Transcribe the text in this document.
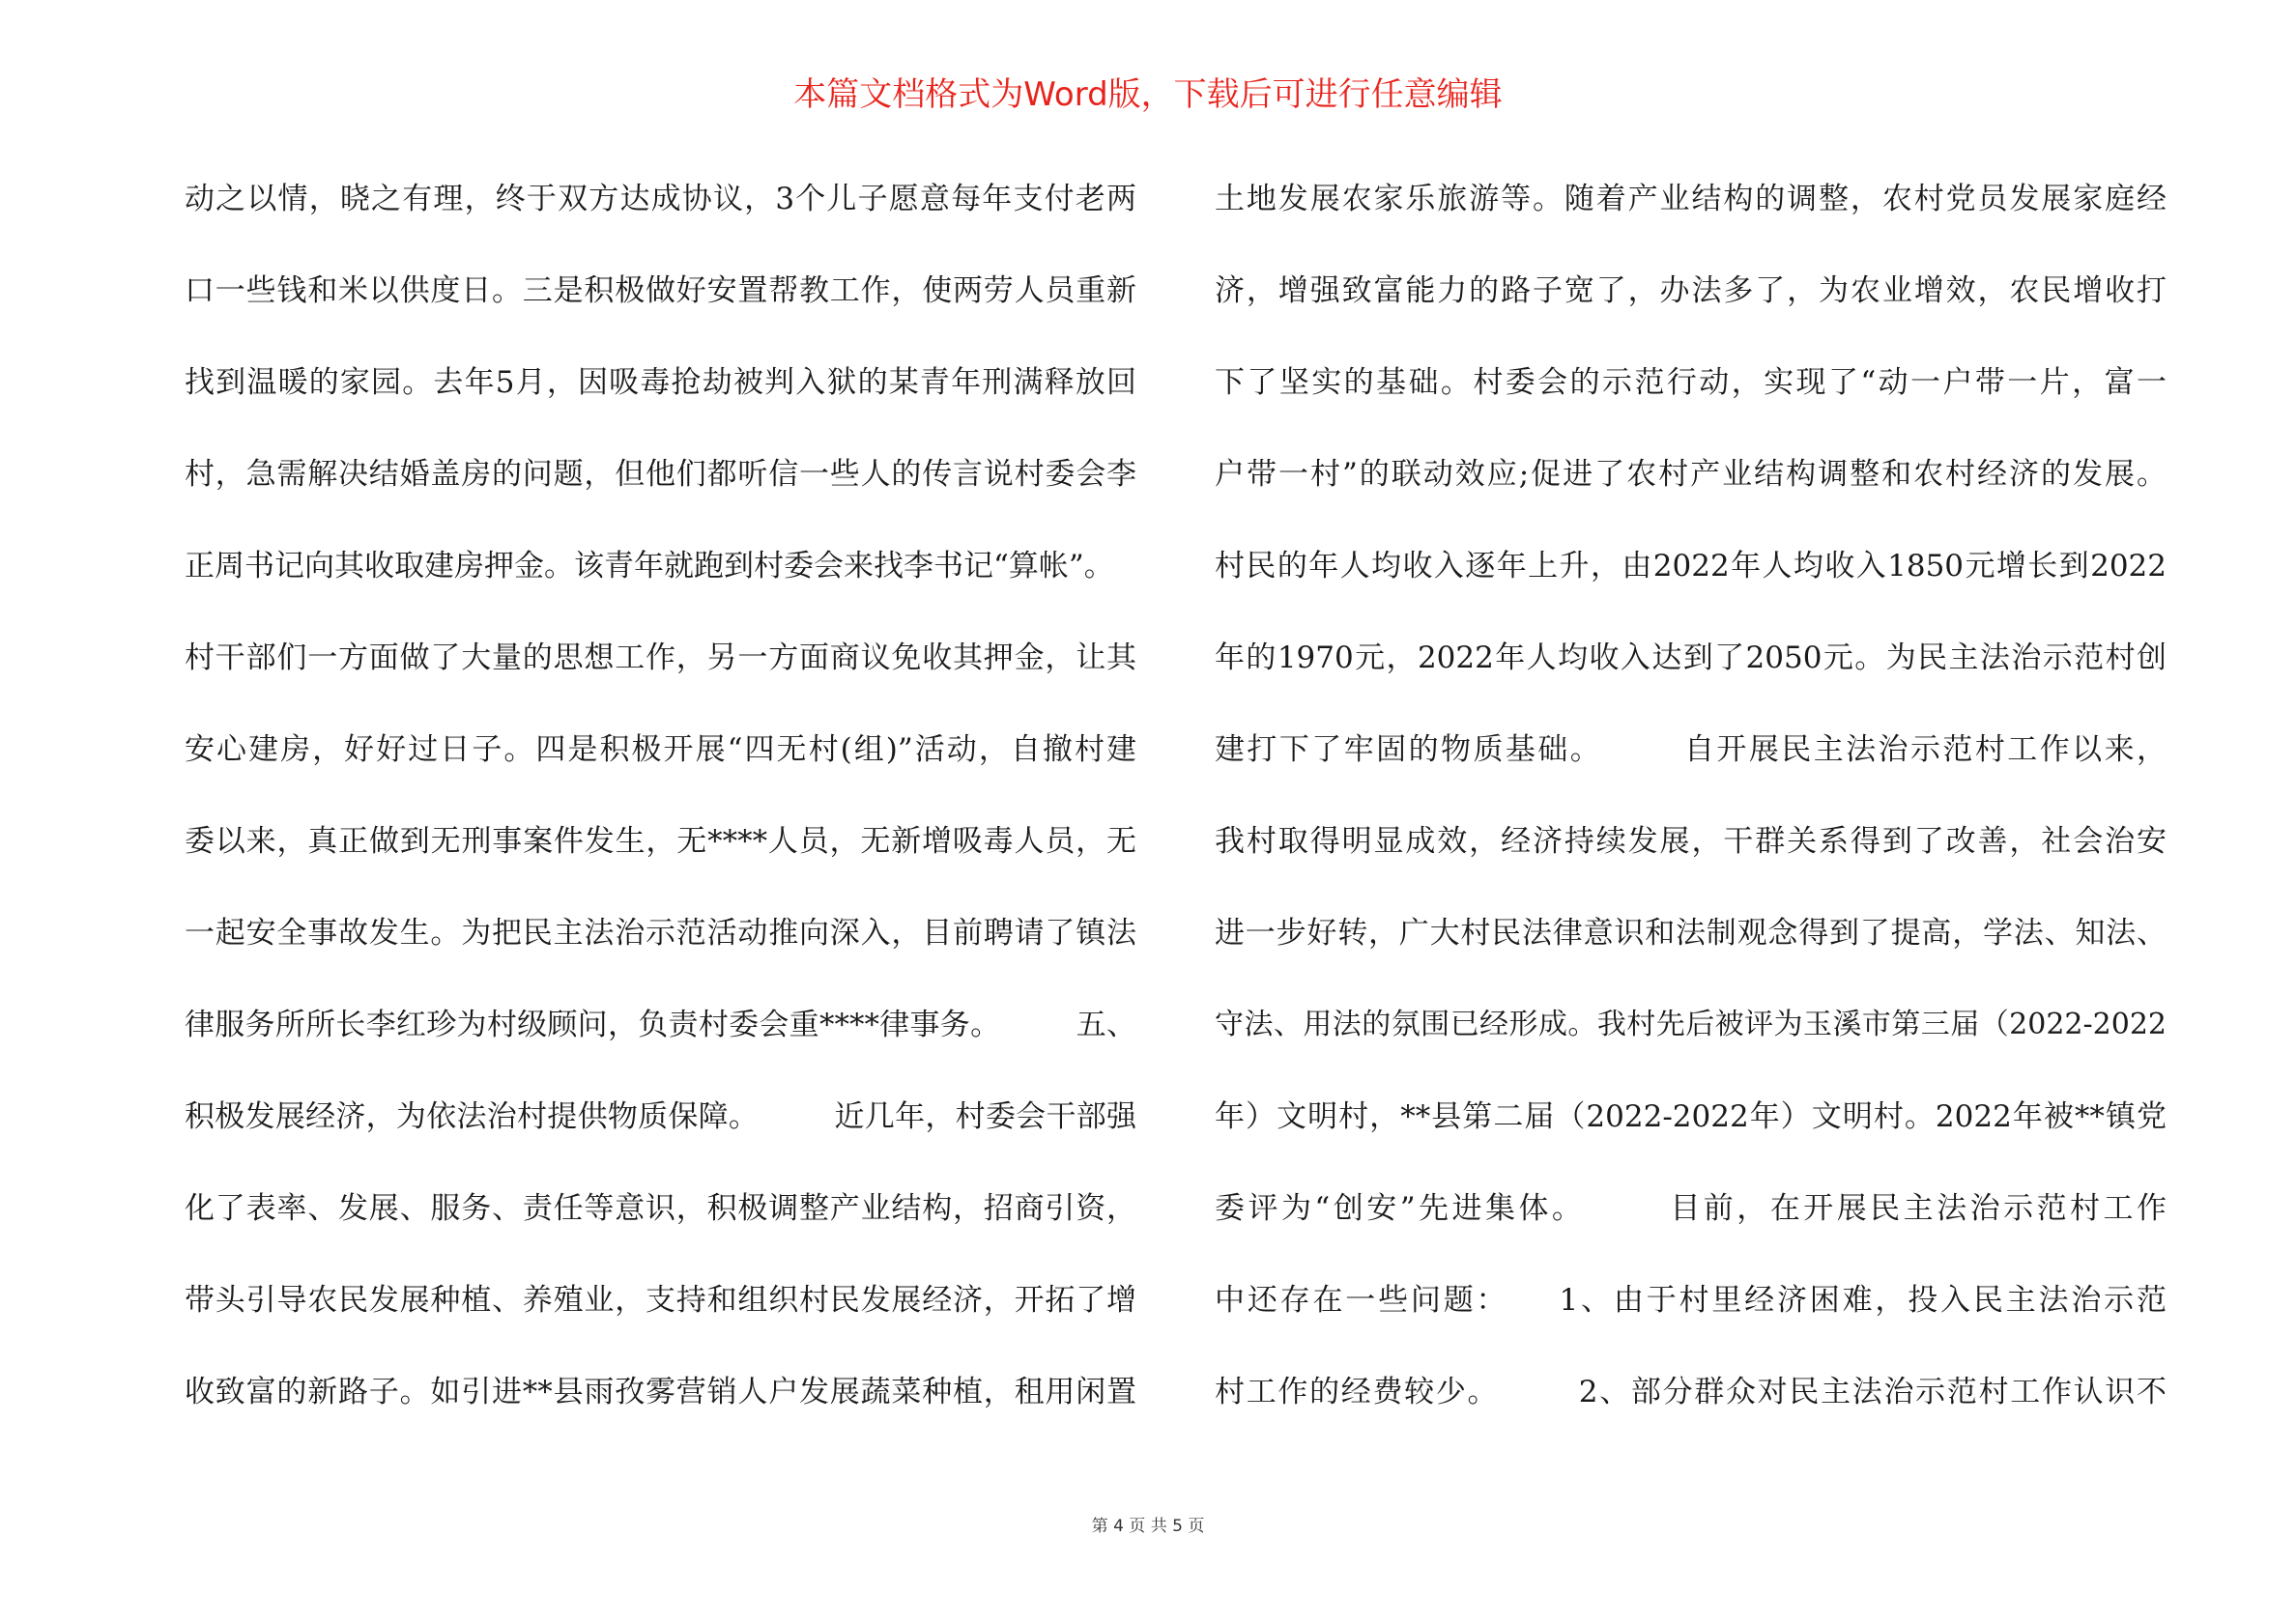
本篇文档格式为Word版，下载后可进行任意编辑
动之以情，晓之有理，终于双方达成协议，3个儿子愿意每年支付老两
口一些钱和米以供度日。三是积极做好安置帮教工作，使两劳人员重新
找到温暖的家园。去年5月，因吸毒抢劫被判入狱的某青年刑满释放回
村，急需解决结婚盖房的问题，但他们都听信一些人的传言说村委会李
正周书记向其收取建房押金。该青年就跑到村委会来找李书记“算帐”。
村干部们一方面做了大量的思想工作，另一方面商议免收其押金，让其
安心建房，好好过日子。四是积极开展“四无村(组)”活动，自撤村建
委以来，真正做到无刑事案件发生，无****人员，无新增吸毒人员，无
一起安全事故发生。为把民主法治示范活动推向深入，目前聘请了镇法
律服务所所长李红珍为村级顾问，负责村委会重****律事务。　　　五、
积极发展经济，为依法治村提供物质保障。　　　近几年，村委会干部强
化了表率、发展、服务、责任等意识，积极调整产业结构，招商引资，
带头引导农民发展种植、养殖业，支持和组织村民发展经济，开拓了增
收致富的新路子。如引进**县雨孜雾营销人户发展蔬菜种植，租用闲置
土地发展农家乐旅游等。随着产业结构的调整，农村党员发展家庭经
济，增强致富能力的路子宽了，办法多了，为农业增效，农民增收打
下了坚实的基础。村委会的示范行动，实现了“动一户带一片，富一
户带一村”的联动效应;促进了农村产业结构调整和农村经济的发展。
村民的年人均收入逐年上升，由2022年人均收入1850元增长到2022
年的1970元，2022年人均收入达到了2050元。为民主法治示范村创
建打下了牢固的物质基础。　　　自开展民主法治示范村工作以来，
我村取得明显成效，经济持续发展，干群关系得到了改善，社会治安
进一步好转，广大村民法律意识和法制观念得到了提高，学法、知法、
守法、用法的氛围已经形成。我村先后被评为玉溪市第三届（2022-2022
年）文明村，**县第二届（2022-2022年）文明村。2022年被**镇党
委评为“创安”先进集体。　　　目前，在开展民主法治示范村工作
中还存在一些问题：　　1、由于村里经济困难，投入民主法治示范
村工作的经费较少。　　　2、部分群众对民主法治示范村工作认识不
第 4 页 共 5 页
